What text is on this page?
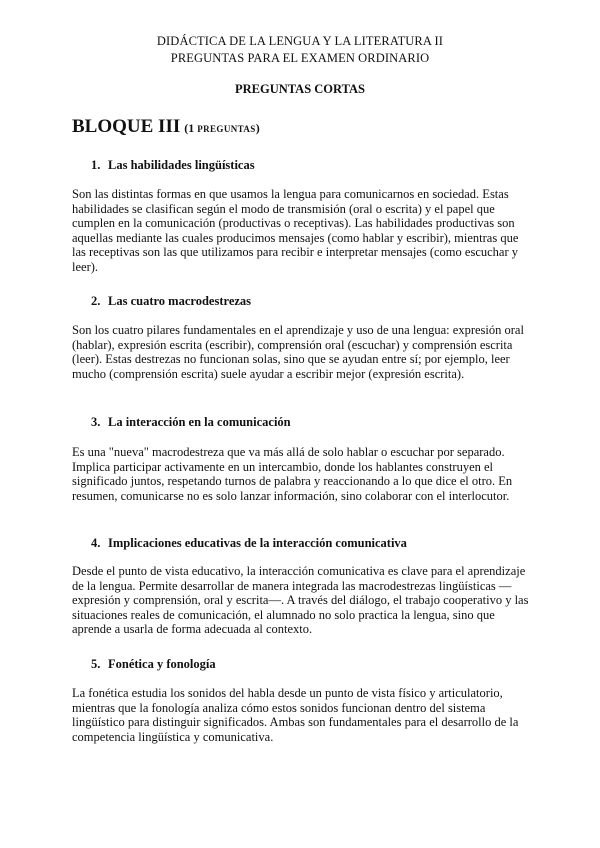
DIDÁCTICA DE LA LENGUA Y LA LITERATURA II
PREGUNTAS PARA EL EXAMEN ORDINARIO
PREGUNTAS CORTAS
BLOQUE III (1 PREGUNTAS)
1. Las habilidades lingüísticas
Son las distintas formas en que usamos la lengua para comunicarnos en sociedad. Estas habilidades se clasifican según el modo de transmisión (oral o escrita) y el papel que cumplen en la comunicación (productivas o receptivas). Las habilidades productivas son aquellas mediante las cuales producimos mensajes (como hablar y escribir), mientras que las receptivas son las que utilizamos para recibir e interpretar mensajes (como escuchar y leer).
2. Las cuatro macrodestrezas
Son los cuatro pilares fundamentales en el aprendizaje y uso de una lengua: expresión oral (hablar), expresión escrita (escribir), comprensión oral (escuchar) y comprensión escrita (leer). Estas destrezas no funcionan solas, sino que se ayudan entre sí; por ejemplo, leer mucho (comprensión escrita) suele ayudar a escribir mejor (expresión escrita).
3. La interacción en la comunicación
Es una "nueva" macrodestreza que va más allá de solo hablar o escuchar por separado. Implica participar activamente en un intercambio, donde los hablantes construyen el significado juntos, respetando turnos de palabra y reaccionando a lo que dice el otro. En resumen, comunicarse no es solo lanzar información, sino colaborar con el interlocutor.
4. Implicaciones educativas de la interacción comunicativa
Desde el punto de vista educativo, la interacción comunicativa es clave para el aprendizaje de la lengua. Permite desarrollar de manera integrada las macrodestrezas lingüísticas —expresión y comprensión, oral y escrita—. A través del diálogo, el trabajo cooperativo y las situaciones reales de comunicación, el alumnado no solo practica la lengua, sino que aprende a usarla de forma adecuada al contexto.
5. Fonética y fonología
La fonética estudia los sonidos del habla desde un punto de vista físico y articulatorio, mientras que la fonología analiza cómo estos sonidos funcionan dentro del sistema lingüístico para distinguir significados. Ambas son fundamentales para el desarrollo de la competencia lingüística y comunicativa.
